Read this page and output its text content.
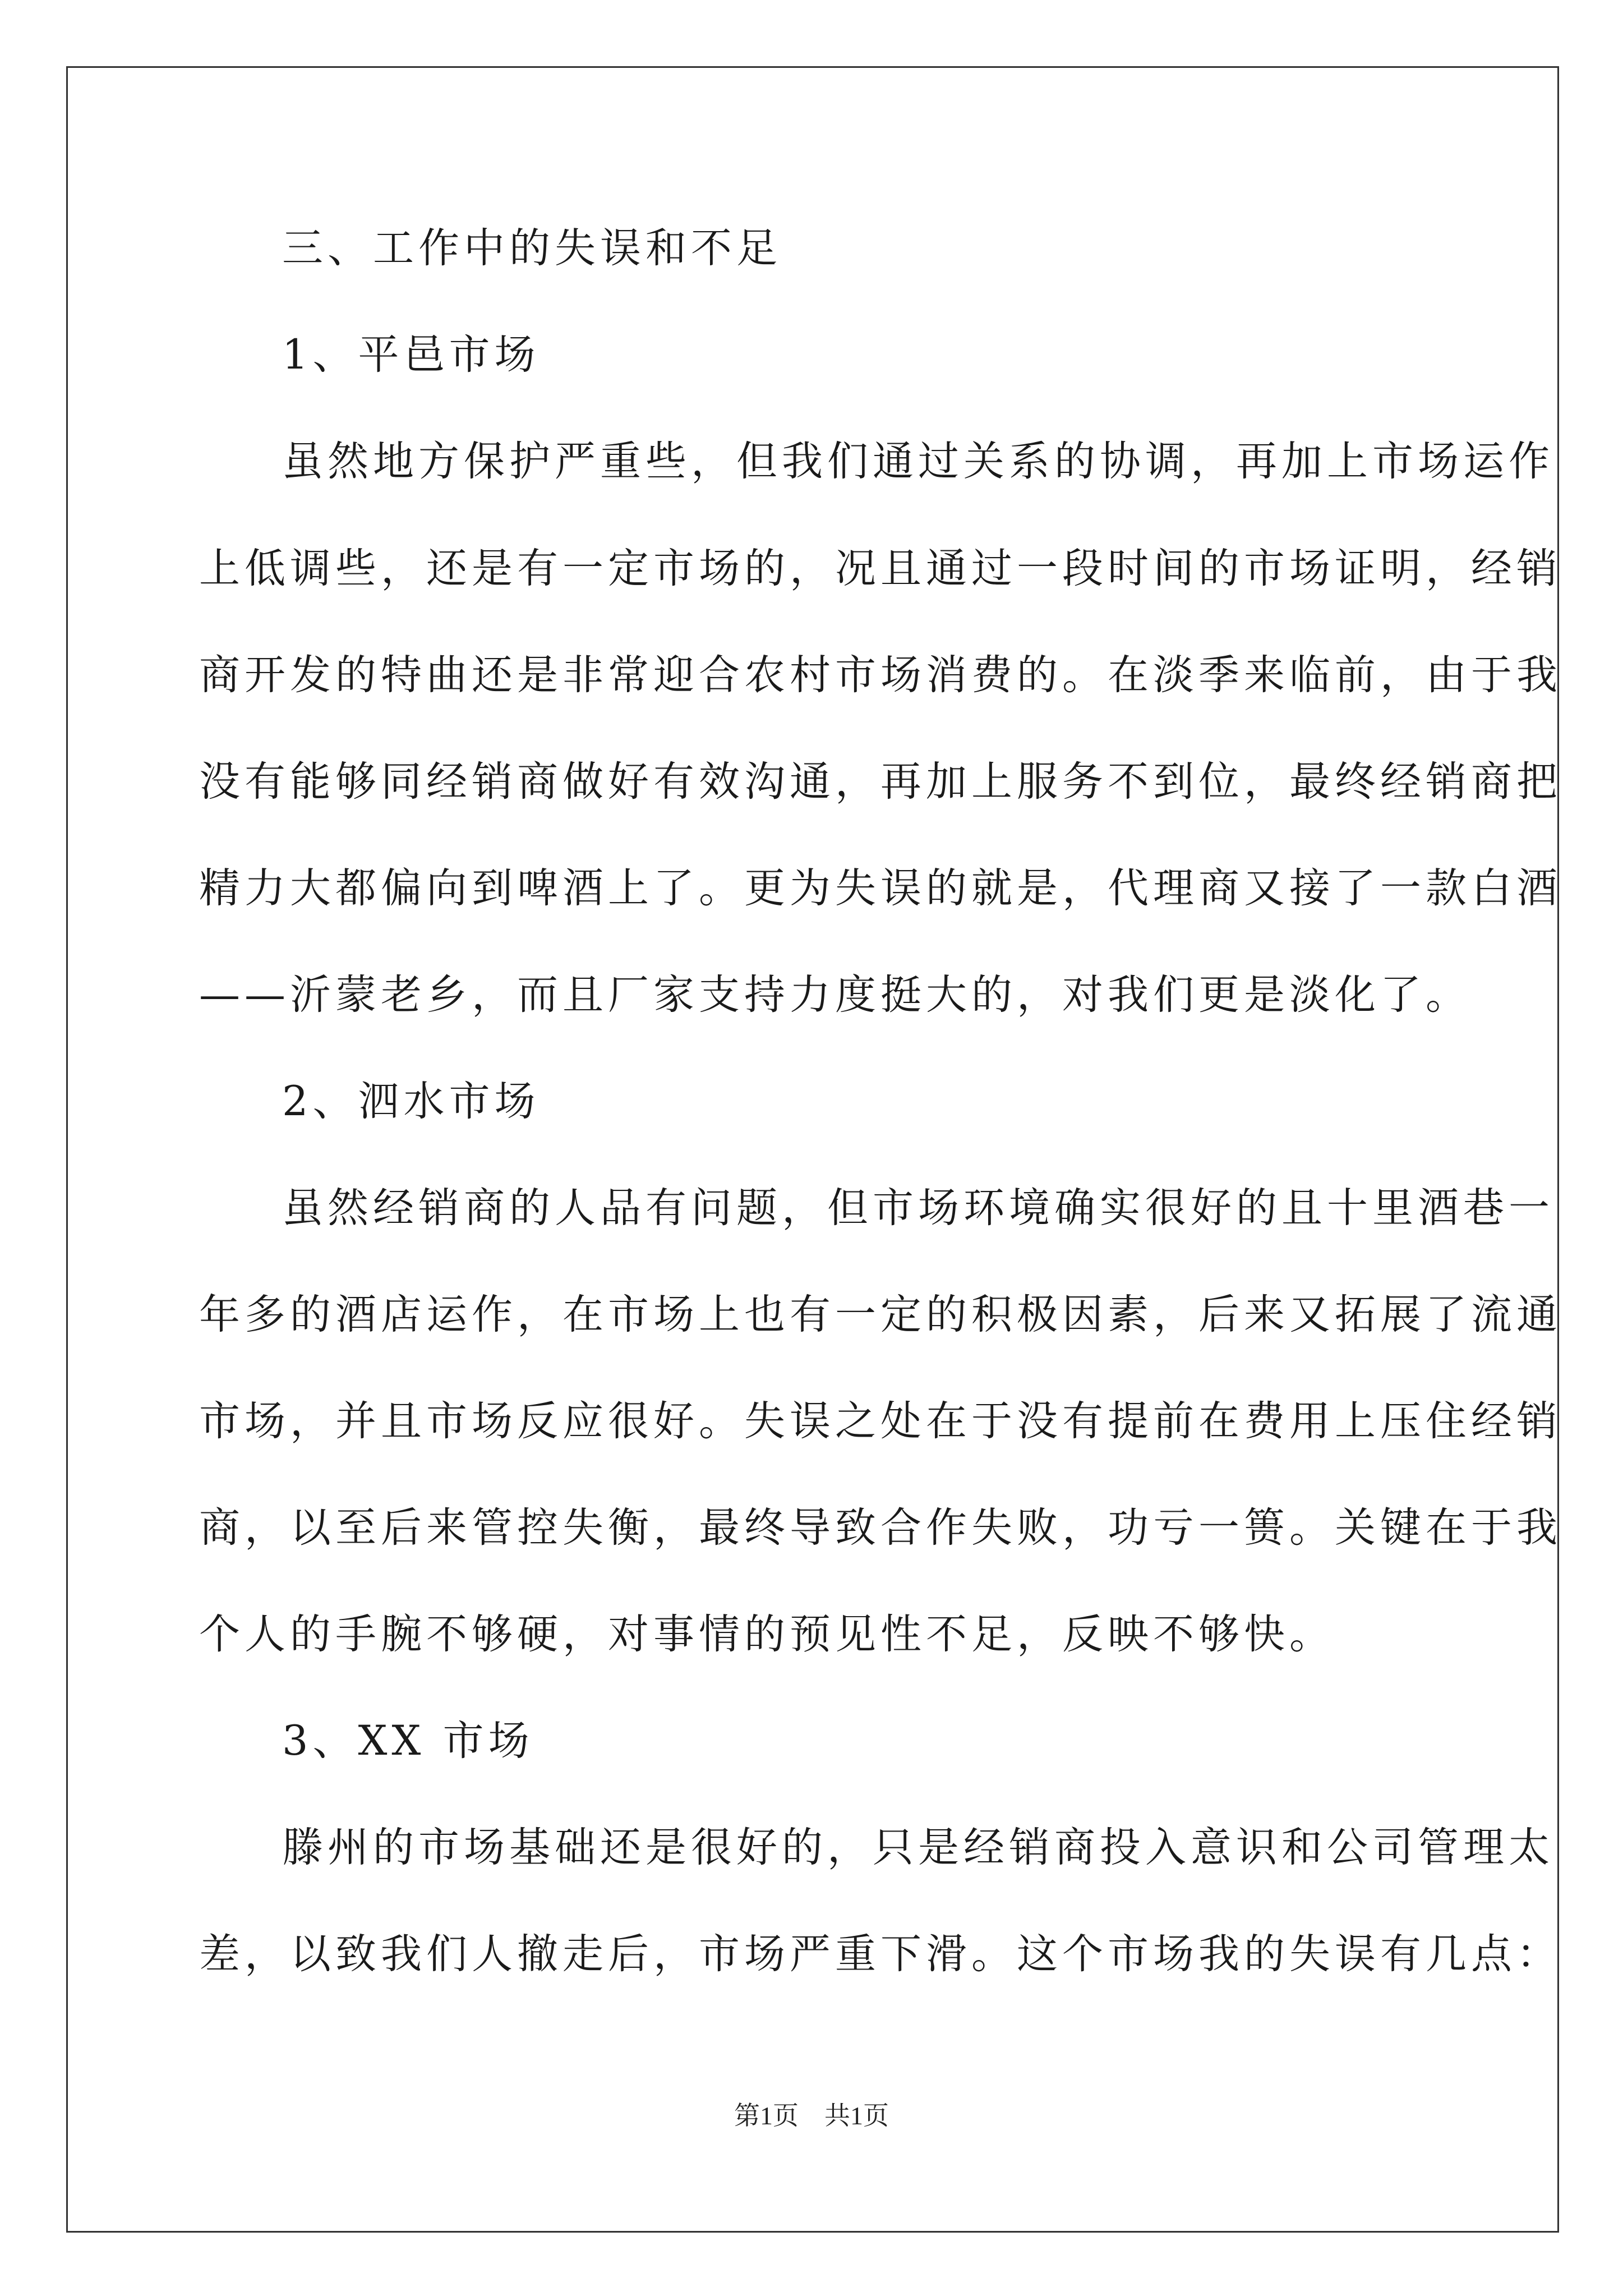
三、工作中的失误和不足
1、平邑市场
虽然地方保护严重些，但我们通过关系的协调，再加上市场运作
上低调些，还是有一定市场的，况且通过一段时间的市场证明，经销
商开发的特曲还是非常迎合农村市场消费的。在淡季来临前，由于我
没有能够同经销商做好有效沟通，再加上服务不到位，最终经销商把
精力大都偏向到啤酒上了。更为失误的就是，代理商又接了一款白酒
——沂蒙老乡，而且厂家支持力度挺大的，对我们更是淡化了。
2、泗水市场
虽然经销商的人品有问题，但市场环境确实很好的且十里酒巷一
年多的酒店运作，在市场上也有一定的积极因素，后来又拓展了流通
市场，并且市场反应很好。失误之处在于没有提前在费用上压住经销
商，以至后来管控失衡，最终导致合作失败，功亏一篑。关键在于我
个人的手腕不够硬，对事情的预见性不足，反映不够快。
3、XX 市场
滕州的市场基础还是很好的，只是经销商投入意识和公司管理太
差，以致我们人撤走后，市场严重下滑。这个市场我的失误有几点：
第1页　共1页
